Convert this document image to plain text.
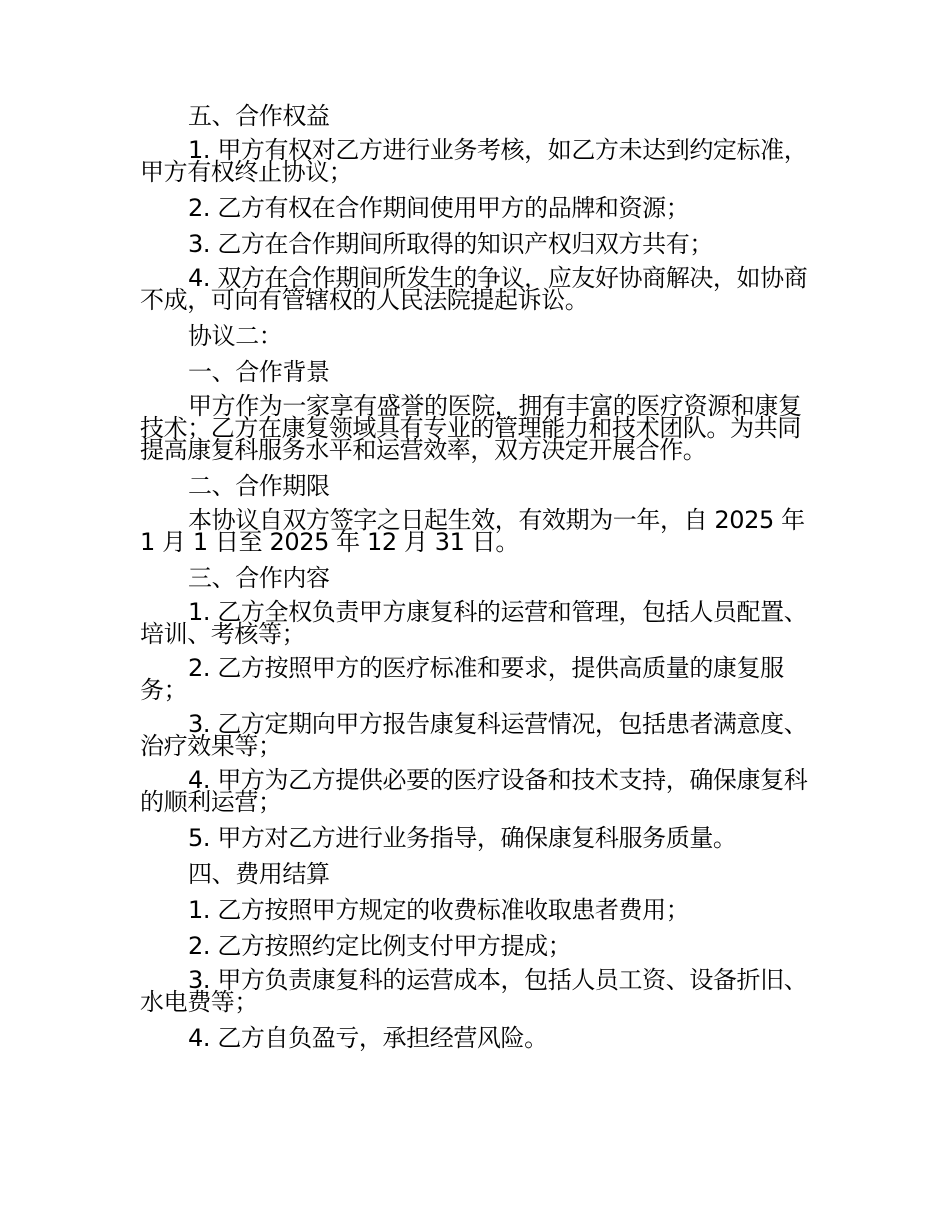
五、合作权益

1. 甲方有权对乙方进行业务考核，如乙方未达到约定标准，甲方有权终止协议；

2. 乙方有权在合作期间使用甲方的品牌和资源；

3. 乙方在合作期间所取得的知识产权归双方共有；

4. 双方在合作期间所发生的争议，应友好协商解决，如协商不成，可向有管辖权的人民法院提起诉讼。

协议二：

一、合作背景

甲方作为一家享有盛誉的医院，拥有丰富的医疗资源和康复技术；乙方在康复领域具有专业的管理能力和技术团队。为共同提高康复科服务水平和运营效率，双方决定开展合作。

二、合作期限

本协议自双方签字之日起生效，有效期为一年，自 2025 年 1 月 1 日至 2025 年 12 月 31 日。

三、合作内容

1. 乙方全权负责甲方康复科的运营和管理，包括人员配置、培训、考核等；

2. 乙方按照甲方的医疗标准和要求，提供高质量的康复服务；

3. 乙方定期向甲方报告康复科运营情况，包括患者满意度、治疗效果等；

4. 甲方为乙方提供必要的医疗设备和技术支持，确保康复科的顺利运营；

5. 甲方对乙方进行业务指导，确保康复科服务质量。

四、费用结算

1. 乙方按照甲方规定的收费标准收取患者费用；

2. 乙方按照约定比例支付甲方提成；

3. 甲方负责康复科的运营成本，包括人员工资、设备折旧、水电费等；

4. 乙方自负盈亏，承担经营风险。
